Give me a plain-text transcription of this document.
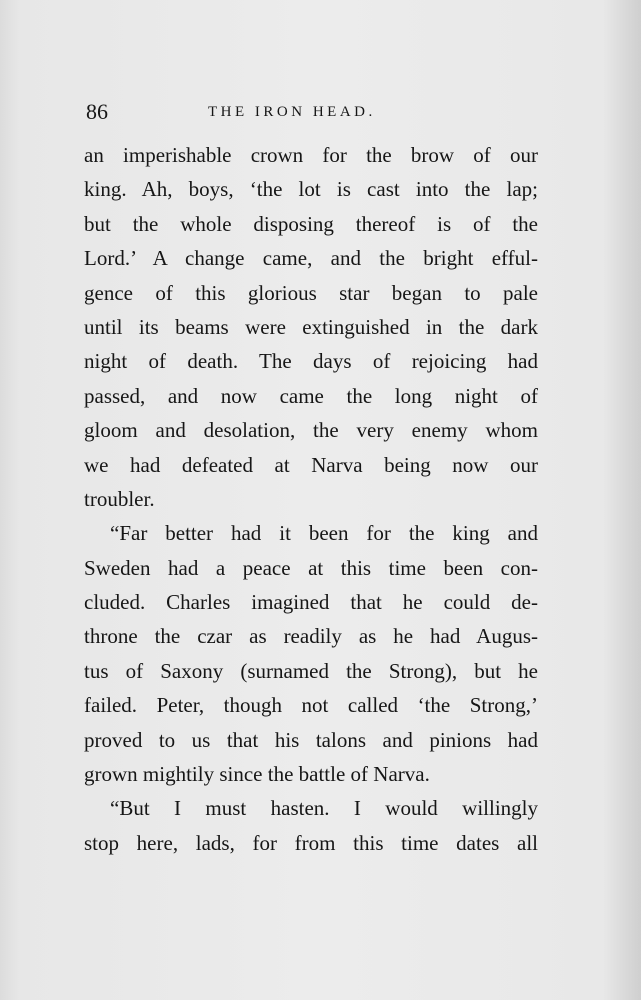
86	THE IRON HEAD.
an imperishable crown for the brow of our
king. Ah, boys, ‘the lot is cast into the lap;
but the whole disposing thereof is of the
Lord.’ A change came, and the bright efful-
gence of this glorious star began to pale
until its beams were extinguished in the dark
night of death. The days of rejoicing had
passed, and now came the long night of
gloom and desolation, the very enemy whom
we had defeated at Narva being now our
troubler.
“Far better had it been for the king and
Sweden had a peace at this time been con-
cluded. Charles imagined that he could de-
throne the czar as readily as he had Augus-
tus of Saxony (surnamed the Strong), but he
failed. Peter, though not called ‘the Strong,’
proved to us that his talons and pinions had
grown mightily since the battle of Narva.
“But I must hasten. I would willingly
stop here, lads, for from this time dates all
